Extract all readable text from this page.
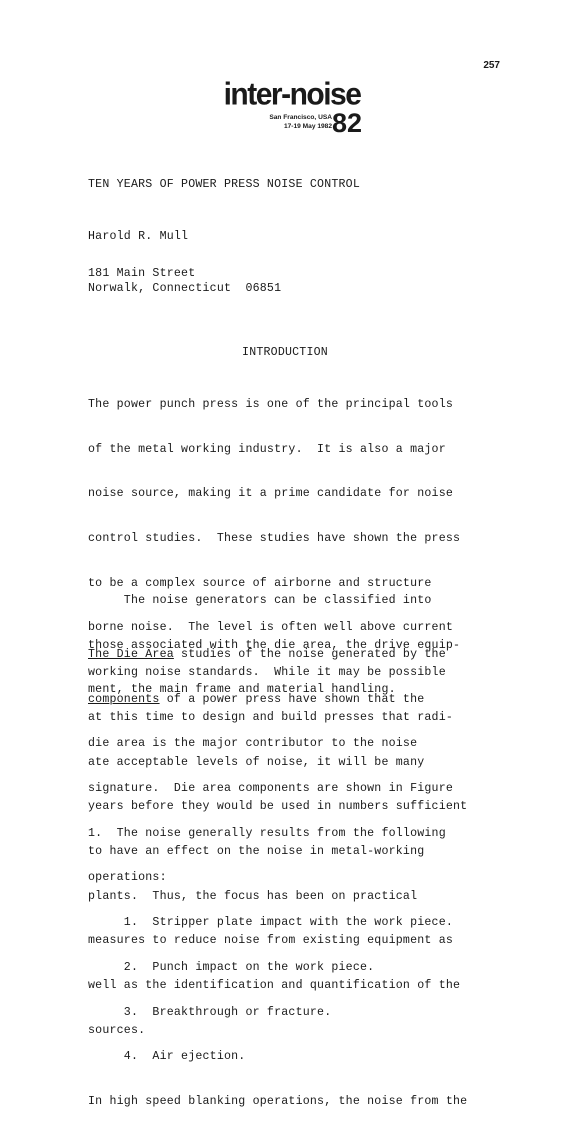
257
inter-noise
San Francisco, USA
17-19 May 1982 82
TEN YEARS OF POWER PRESS NOISE CONTROL
Harold R. Mull
181 Main Street
Norwalk, Connecticut  06851
INTRODUCTION

The power punch press is one of the principal tools

of the metal working industry.  It is also a major

noise source, making it a prime candidate for noise

control studies.  These studies have shown the press

to be a complex source of airborne and structure

borne noise.  The level is often well above current

working noise standards.  While it may be possible

at this time to design and build presses that radi-

ate acceptable levels of noise, it will be many

years before they would be used in numbers sufficient

to have an effect on the noise in metal-working

plants.  Thus, the focus has been on practical

measures to reduce noise from existing equipment as

well as the identification and quantification of the

sources.

The noise generators can be classified into

those associated with the die area, the drive equip-

ment, the main frame and material handling.

The Die Area studies of the noise generated by the

components of a power press have shown that the

die area is the major contributor to the noise

signature.  Die area components are shown in Figure

1.  The noise generally results from the following

operations:

1.  Stripper plate impact with the work piece.

2.  Punch impact on the work piece.

3.  Breakthrough or fracture.

4.  Air ejection.

In high speed blanking operations, the noise from the
